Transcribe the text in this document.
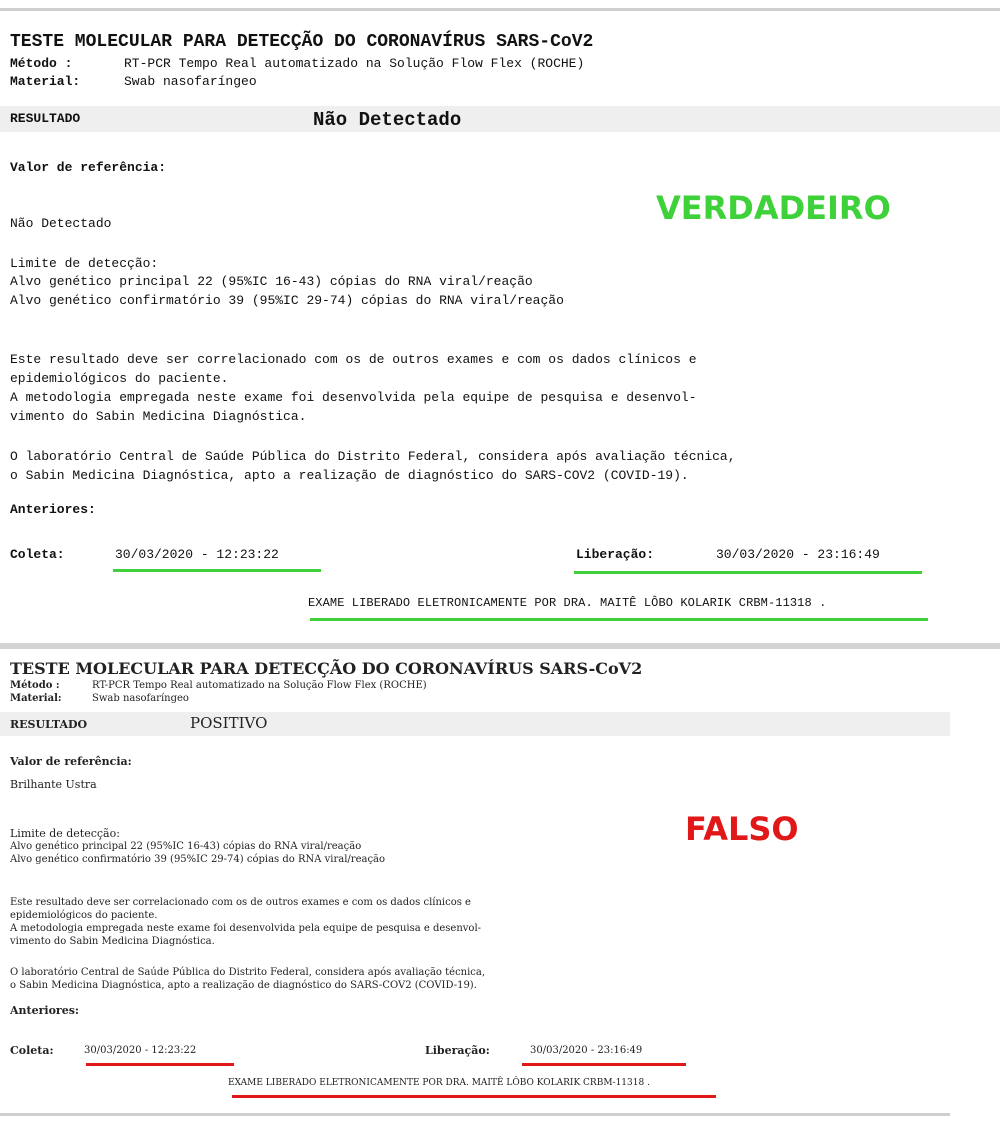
TESTE MOLECULAR PARA DETECÇÃO DO CORONAVÍRUS SARS-CoV2
Método :	RT-PCR Tempo Real automatizado na Solução Flow Flex (ROCHE)
Material:	Swab nasofaríngeo
RESULTADO	Não Detectado
Valor de referência:
VERDADEIRO
Não Detectado
Limite de detecção:
Alvo genético principal 22 (95%IC 16-43) cópias do RNA viral/reação
Alvo genético confirmatório 39 (95%IC 29-74) cópias do RNA viral/reação
Este resultado deve ser correlacionado com os de outros exames e com os dados clínicos e
epidemiológicos do paciente.
A metodologia empregada neste exame foi desenvolvida pela equipe de pesquisa e desenvol-
vimento do Sabin Medicina Diagnóstica.
O laboratório Central de Saúde Pública do Distrito Federal, considera após avaliação técnica,
o Sabin Medicina Diagnóstica, apto a realização de diagnóstico do SARS-COV2 (COVID-19).
Anteriores:
Coleta:	30/03/2020 - 12:23:22	Liberação:	30/03/2020 - 23:16:49
EXAME LIBERADO ELETRONICAMENTE POR DRA. MAITÊ LÔBO KOLARIK CRBM-11318 .
TESTE MOLECULAR PARA DETECÇÃO DO CORONAVÍRUS SARS-CoV2
Método :	RT-PCR Tempo Real automatizado na Solução Flow Flex (ROCHE)
Material:	Swab nasofaríngeo
RESULTADO	POSITIVO
Valor de referência:
Brilhante Ustra
FALSO
Limite de detecção:
Alvo genético principal 22 (95%IC 16-43) cópias do RNA viral/reação
Alvo genético confirmatório 39 (95%IC 29-74) cópias do RNA viral/reação
Este resultado deve ser correlacionado com os de outros exames e com os dados clínicos e
epidemiológicos do paciente.
A metodologia empregada neste exame foi desenvolvida pela equipe de pesquisa e desenvol-
vimento do Sabin Medicina Diagnóstica.
O laboratório Central de Saúde Pública do Distrito Federal, considera após avaliação técnica,
o Sabin Medicina Diagnóstica, apto a realização de diagnóstico do SARS-COV2 (COVID-19).
Anteriores:
Coleta:	30/03/2020 - 12:23:22	Liberação:	30/03/2020 - 23:16:49
EXAME LIBERADO ELETRONICAMENTE POR DRA. MAITÊ LÔBO KOLARIK CRBM-11318 .
